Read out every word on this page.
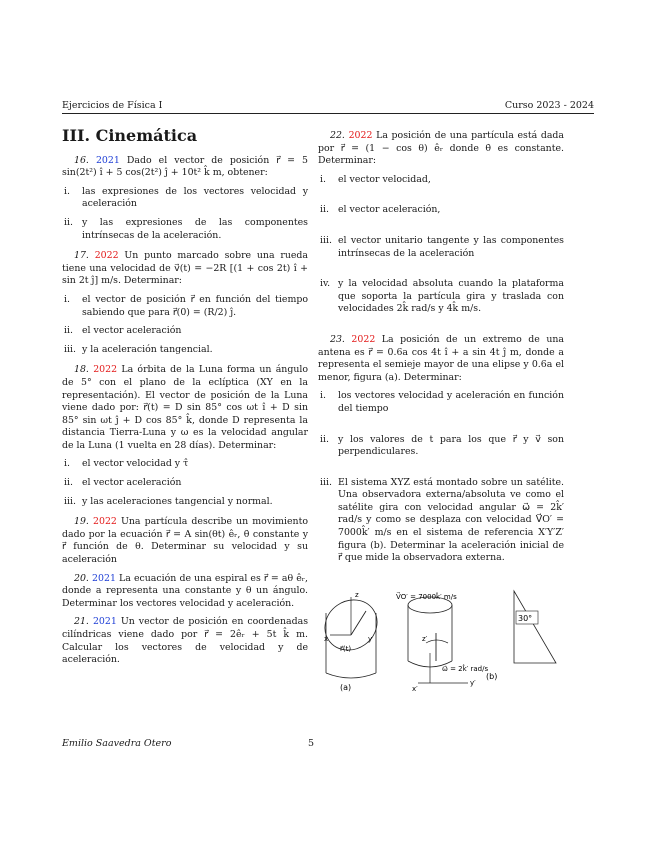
Ejercicios de Física I	Curso 2023 - 2024
III. Cinemática

16. 2021 Dado el vector de posición r⃗ = 5 sin(2t²) î + 5 cos(2t²) ĵ + 10t² k̂ m, obtener:

i. las expresiones de los vectores velocidad y aceleración
ii. y las expresiones de las componentes intrínsecas de la aceleración.

17. 2022 Un punto marcado sobre una rueda tiene una velocidad de v⃗(t) = −2R [(1 + cos 2t) î + sin 2t ĵ] m/s. Determinar:

i. el vector de posición r⃗ en función del tiempo sabiendo que para r⃗(0) = (R/2) ĵ.
ii. el vector aceleración
iii. y la aceleración tangencial.

18. 2022 La órbita de la Luna forma un ángulo de 5° con el plano de la eclíptica (XY en la representación). El vector de posición de la Luna viene dado por: r⃗(t) = D sin 85° cos ωt î + D sin 85° sin ωt ĵ + D cos 85° k̂, donde D representa la distancia Tierra-Luna y ω es la velocidad angular de la Luna (1 vuelta en 28 días). Determinar:

i. el vector velocidad y τ̂
ii. el vector aceleración
iii. y las aceleraciones tangencial y normal.

19. 2022 Una partícula describe un movimiento dado por la ecuación r⃗ = A sin(θt) êᵣ, θ̇ constante y r⃗ función de θ. Determinar su velocidad y su aceleración

20. 2021 La ecuación de una espiral es r⃗ = aθ êᵣ, donde a representa una constante y θ un ángulo. Determinar los vectores velocidad y aceleración.

21. 2021 Un vector de posición en coordenadas cilíndricas viene dado por r⃗ = 2êᵣ + 5t k̂ m. Calcular los vectores de velocidad y de aceleración.

22. 2022 La posición de una partícula está dada por r⃗ = (1 − cos θ) êᵣ donde θ̇ es constante. Determinar:

i. el vector velocidad,
ii. el vector aceleración,
iii. el vector unitario tangente y las componentes intrínsecas de la aceleración
iv. y la velocidad absoluta cuando la plataforma que soporta la partícula gira y traslada con velocidades 2k̂ rad/s y 4k̂ m/s.

23. 2022 La posición de un extremo de una antena es r⃗ = 0.6a cos 4t î + a sin 4t ĵ m, donde a representa el semieje mayor de una elipse y 0.6a el menor, figura (a). Determinar:

i. los vectores velocidad y aceleración en función del tiempo
ii. y los valores de t para los que r⃗ y v⃗ son perpendiculares.
iii. El sistema XYZ está montado sobre un satélite. Una observadora externa/absoluta ve como el satélite gira con velocidad angular ω⃗ = 2k̂′ rad/s y como se desplaza con velocidad V⃗O′ = 7000k̂′ m/s en el sistema de referencia X′Y′Z′ figura (b). Determinar la aceleración inicial de r⃗ que mide la observadora externa.
z
x	y
r⃗(t)
(a)
V⃗O′ = 7000k̂′ m/s
z′
ω⃗ = 2k̂′ rad/s
y′
x′
(b)
30°
Emilio Saavedra Otero	5
